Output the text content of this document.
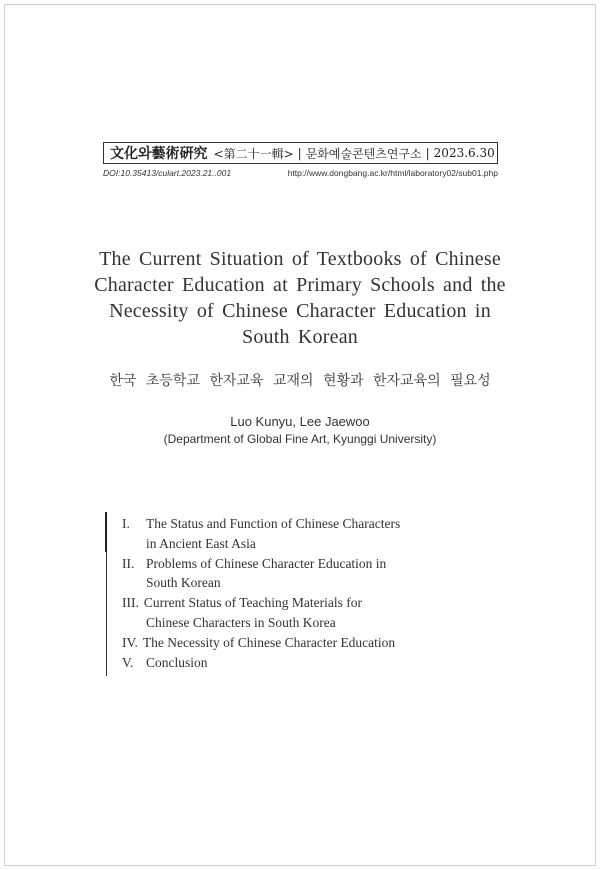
文化와藝術硏究 <第二十一輯> | 문화예술콘텐츠연구소 | 2023.6.30
DOI:10.35413/culart.2023.21..001	http://www.dongbang.ac.kr/html/laboratory02/sub01.php
The Current Situation of Textbooks of Chinese
Character Education at Primary Schools and the
Necessity of Chinese Character Education in
South Korean
한국 초등학교 한자교육 교재의 현황과 한자교육의 필요성
Luo Kunyu, Lee Jaewoo
(Department of Global Fine Art, Kyunggi University)
I.	The Status and Function of Chinese Characters
in Ancient East Asia
II. Problems of Chinese Character Education in
South Korean
III. Current Status of Teaching Materials for
Chinese Characters in South Korea
IV. The Necessity of Chinese Character Education
V. Conclusion
